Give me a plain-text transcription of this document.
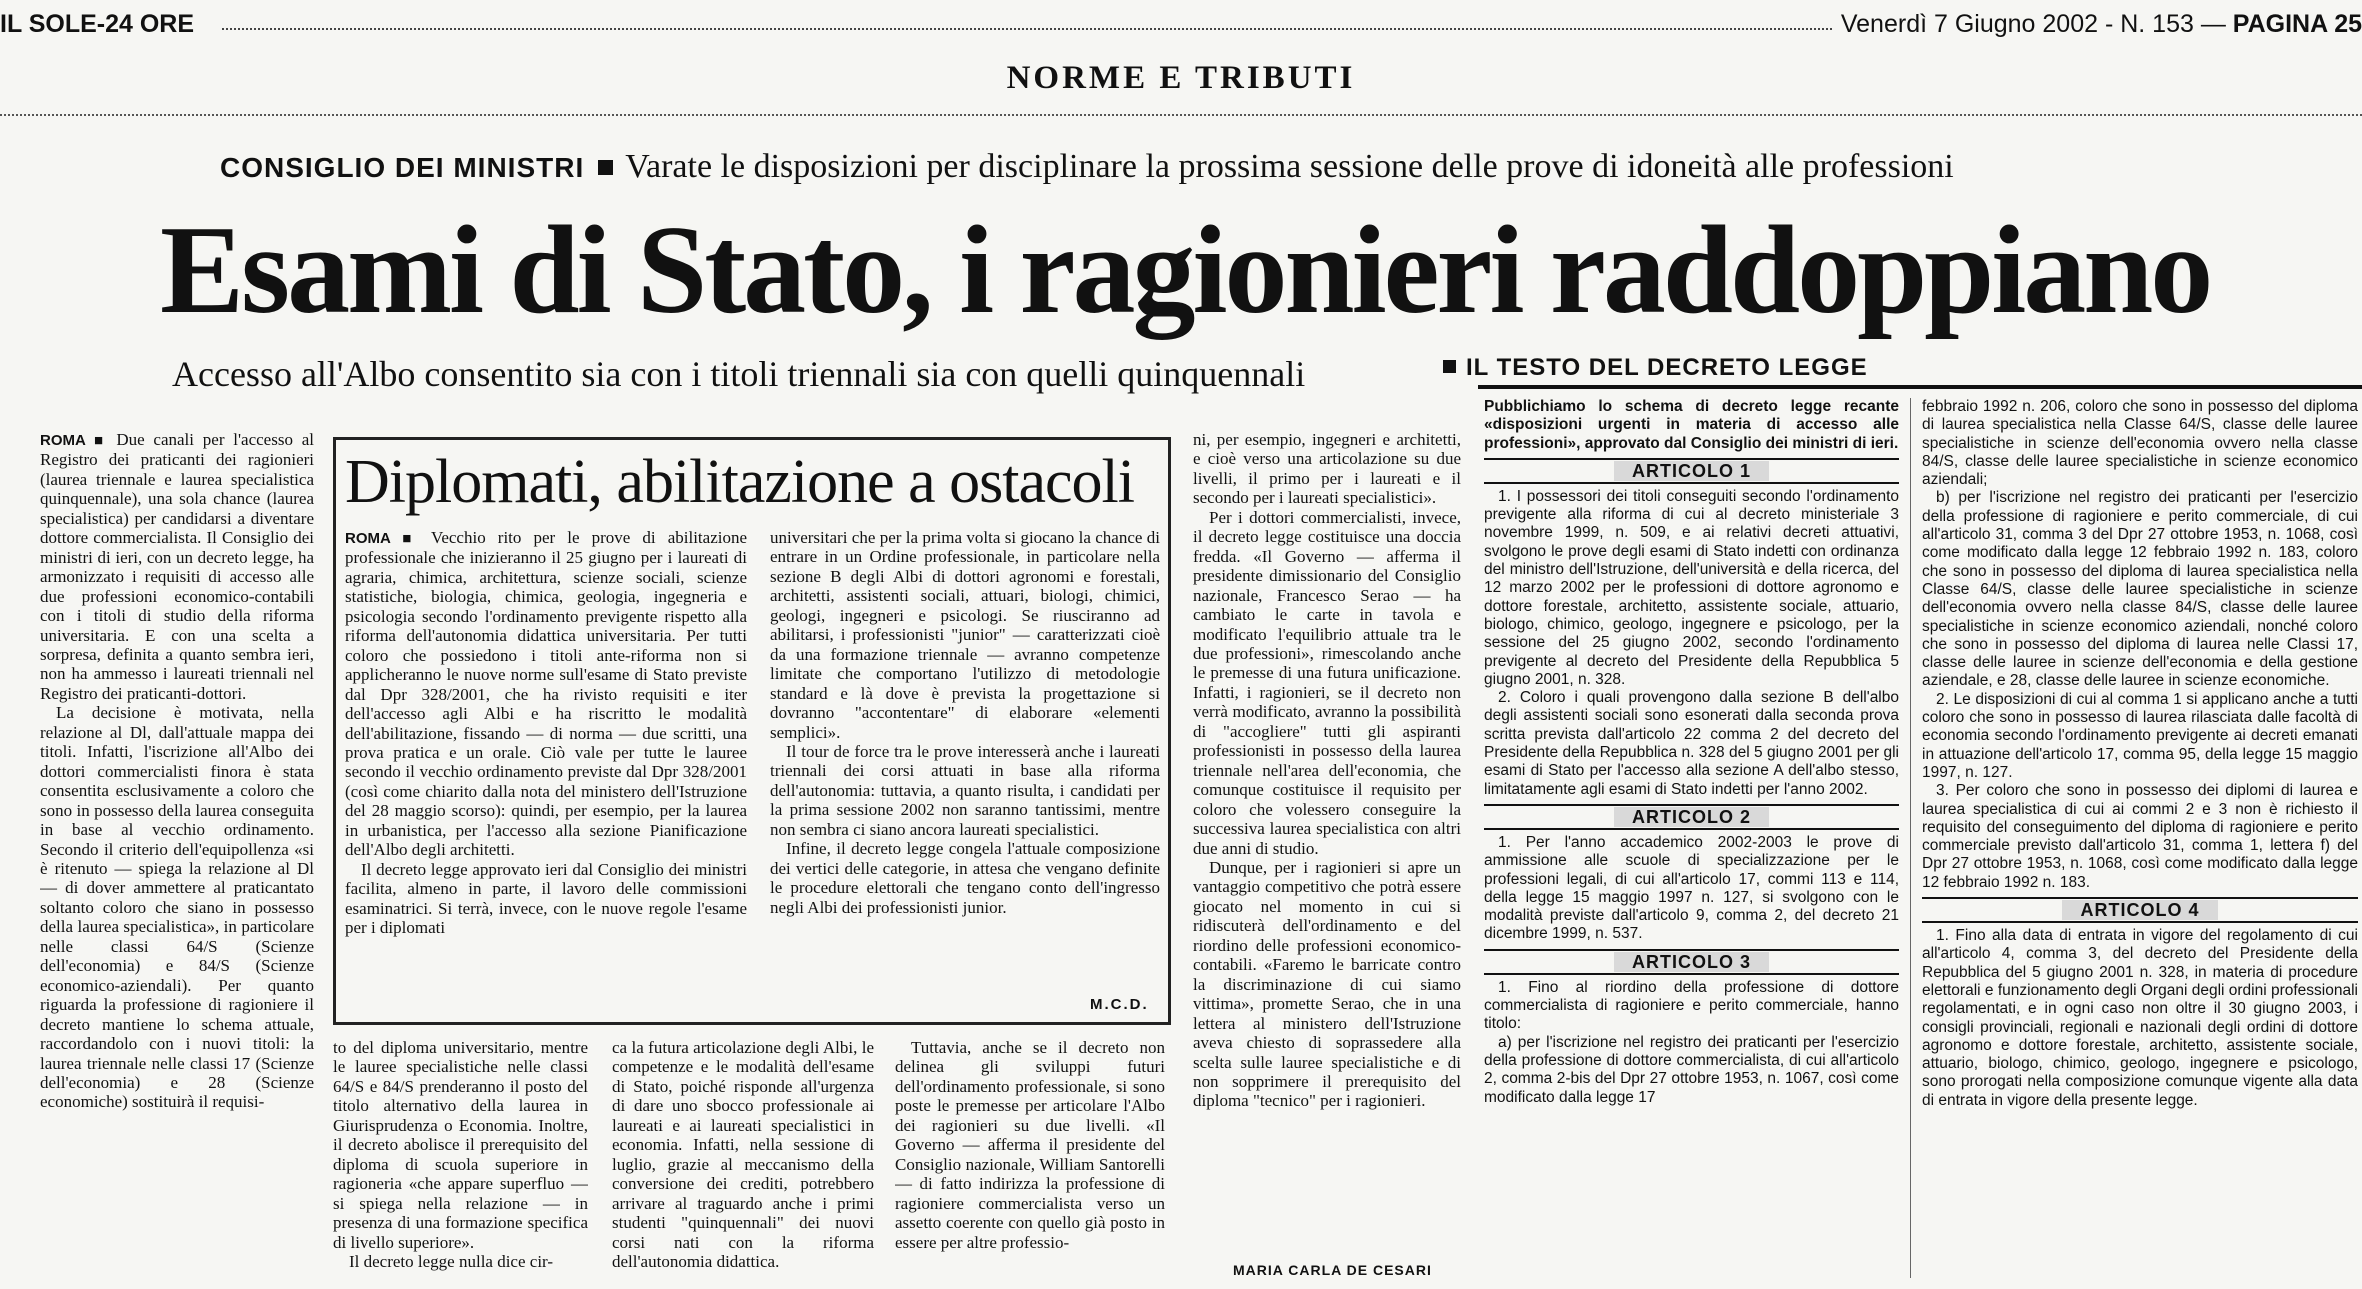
IL SOLE-24 ORE	Venerdì 7 Giugno 2002 - N. 153 — PAGINA 25
NORME E TRIBUTI
CONSIGLIO DEI MINISTRI Varate le disposizioni per disciplinare la prossima sessione delle prove di idoneità alle professioni
Esami di Stato, i ragionieri raddoppiano
Accesso all'Albo consentito sia con i titoli triennali sia con quelli quinquennali

ROMA ■ Due canali per l'accesso al Registro dei praticanti dei ragionieri (laurea triennale e laurea specialistica quinquennale), una sola chance (laurea specialistica) per candidarsi a diventare dottore commercialista. Il Consiglio dei ministri di ieri, con un decreto legge, ha armonizzato i requisiti di accesso alle due professioni economico-contabili con i titoli di studio della riforma universitaria. E con una scelta a sorpresa, definita a quanto sembra ieri, non ha ammesso i laureati triennali nel Registro dei praticanti-dottori.

La decisione è motivata, nella relazione al Dl, dall'attuale mappa dei titoli. Infatti, l'iscrizione all'Albo dei dottori commercialisti finora è stata consentita esclusivamente a coloro che sono in possesso della laurea conseguita in base al vecchio ordinamento. Secondo il criterio dell'equipollenza «si è ritenuto — spiega la relazione al Dl — di dover ammettere al praticantato soltanto coloro che siano in possesso della laurea specialistica», in particolare nelle classi 64/S (Scienze dell'economia) e 84/S (Scienze economico-aziendali). Per quanto riguarda la professione di ragioniere il decreto mantiene lo schema attuale, raccordandolo con i nuovi titoli: la laurea triennale nelle classi 17 (Scienze dell'economia) e 28 (Scienze economiche) sostituirà il requisi-

Diplomati, abilitazione a ostacoli

ROMA ■ Vecchio rito per le prove di abilitazione professionale che inizieranno il 25 giugno per i laureati di agraria, chimica, architettura, scienze sociali, scienze statistiche, biologia, chimica, geologia, ingegneria e psicologia secondo l'ordinamento previgente rispetto alla riforma dell'autonomia didattica universitaria. Per tutti coloro che possiedono i titoli ante-riforma non si applicheranno le nuove norme sull'esame di Stato previste dal Dpr 328/2001, che ha rivisto requisiti e iter dell'accesso agli Albi e ha riscritto le modalità dell'abilitazione, fissando — di norma — due scritti, una prova pratica e un orale. Ciò vale per tutte le lauree secondo il vecchio ordinamento previste dal Dpr 328/2001 (così come chiarito dalla nota del ministero dell'Istruzione del 28 maggio scorso): quindi, per esempio, per la laurea in urbanistica, per l'accesso alla sezione Pianificazione dell'Albo degli architetti.

Il decreto legge approvato ieri dal Consiglio dei ministri facilita, almeno in parte, il lavoro delle commissioni esaminatrici. Si terrà, invece, con le nuove regole l'esame per i diplomati

universitari che per la prima volta si giocano la chance di entrare in un Ordine professionale, in particolare nella sezione B degli Albi di dottori agronomi e forestali, architetti, assistenti sociali, attuari, biologi, chimici, geologi, ingegneri e psicologi. Se riusciranno ad abilitarsi, i professionisti "junior" — caratterizzati cioè da una formazione triennale — avranno competenze limitate che comportano l'utilizzo di metodologie standard e là dove è prevista la progettazione si dovranno "accontentare" di elaborare «elementi semplici».

Il tour de force tra le prove interesserà anche i laureati triennali dei corsi attuati in base alla riforma dell'autonomia: tuttavia, a quanto risulta, i candidati per la prima sessione 2002 non saranno tantissimi, mentre non sembra ci siano ancora laureati specialistici.

Infine, il decreto legge congela l'attuale composizione dei vertici delle categorie, in attesa che vengano definite le procedure elettorali che tengano conto dell'ingresso negli Albi dei professionisti junior.

M.C.D.

to del diploma universitario, mentre le lauree specialistiche nelle classi 64/S e 84/S prenderanno il posto del titolo alternativo della laurea in Giurisprudenza o Economia. Inoltre, il decreto abolisce il prerequisito del diploma di scuola superiore in ragioneria «che appare superfluo — si spiega nella relazione — in presenza di una formazione specifica di livello superiore».

Il decreto legge nulla dice cir-

ca la futura articolazione degli Albi, le competenze e le modalità dell'esame di Stato, poiché risponde all'urgenza di dare uno sbocco professionale ai laureati e ai laureati specialistici in economia. Infatti, nella sessione di luglio, grazie al meccanismo della conversione dei crediti, potrebbero arrivare al traguardo anche i primi studenti "quinquennali" dei nuovi corsi nati con la riforma dell'autonomia didattica.

Tuttavia, anche se il decreto non delinea gli sviluppi futuri dell'ordinamento professionale, si sono poste le premesse per articolare l'Albo dei ragionieri su due livelli. «Il Governo — afferma il presidente del Consiglio nazionale, William Santorelli — di fatto indirizza la professione di ragioniere commercialista verso un assetto coerente con quello già posto in essere per altre professio-

ni, per esempio, ingegneri e architetti, e cioè verso una articolazione su due livelli, il primo per i laureati e il secondo per i laureati specialistici».

Per i dottori commercialisti, invece, il decreto legge costituisce una doccia fredda. «Il Governo — afferma il presidente dimissionario del Consiglio nazionale, Francesco Serao — ha cambiato le carte in tavola e modificato l'equilibrio attuale tra le due professioni», rimescolando anche le premesse di una futura unificazione. Infatti, i ragionieri, se il decreto non verrà modificato, avranno la possibilità di "accogliere" tutti gli aspiranti professionisti in possesso della laurea triennale nell'area dell'economia, che comunque costituisce il requisito per coloro che volessero conseguire la successiva laurea specialistica con altri due anni di studio.

Dunque, per i ragionieri si apre un vantaggio competitivo che potrà essere giocato nel momento in cui si ridiscuterà dell'ordinamento e del riordino delle professioni economico-contabili. «Faremo le barricate contro la discriminazione di cui siamo vittima», promette Serao, che in una lettera al ministero dell'Istruzione aveva chiesto di soprassedere alla scelta sulle lauree specialistiche e di non sopprimere il prerequisito del diploma "tecnico" per i ragionieri.

MARIA CARLA DE CESARI
IL TESTO DEL DECRETO LEGGE

Pubblichiamo lo schema di decreto legge recante «disposizioni urgenti in materia di accesso alle professioni», approvato dal Consiglio dei ministri di ieri.

ARTICOLO 1

1. I possessori dei titoli conseguiti secondo l'ordinamento previgente alla riforma di cui al decreto ministeriale 3 novembre 1999, n. 509, e ai relativi decreti attuativi, svolgono le prove degli esami di Stato indetti con ordinanza del ministro dell'Istruzione, dell'università e della ricerca, del 12 marzo 2002 per le professioni di dottore agronomo e dottore forestale, architetto, assistente sociale, attuario, biologo, chimico, geologo, ingegnere e psicologo, per la sessione del 25 giugno 2002, secondo l'ordinamento previgente al decreto del Presidente della Repubblica 5 giugno 2001, n. 328.

2. Coloro i quali provengono dalla sezione B dell'albo degli assistenti sociali sono esonerati dalla seconda prova scritta prevista dall'articolo 22 comma 2 del decreto del Presidente della Repubblica n. 328 del 5 giugno 2001 per gli esami di Stato per l'accesso alla sezione A dell'albo stesso, limitatamente agli esami di Stato indetti per l'anno 2002.

ARTICOLO 2

1. Per l'anno accademico 2002-2003 le prove di ammissione alle scuole di specializzazione per le professioni legali, di cui all'articolo 17, commi 113 e 114, della legge 15 maggio 1997 n. 127, si svolgono con le modalità previste dall'articolo 9, comma 2, del decreto 21 dicembre 1999, n. 537.

ARTICOLO 3

1. Fino al riordino della professione di dottore commercialista di ragioniere e perito commerciale, hanno titolo:

a) per l'iscrizione nel registro dei praticanti per l'esercizio della professione di dottore commercialista, di cui all'articolo 2, comma 2-bis del Dpr 27 ottobre 1953, n. 1067, così come modificato dalla legge 17

febbraio 1992 n. 206, coloro che sono in possesso del diploma di laurea specialistica nella Classe 64/S, classe delle lauree specialistiche in scienze dell'economia ovvero nella classe 84/S, classe delle lauree specialistiche in scienze economico aziendali;

b) per l'iscrizione nel registro dei praticanti per l'esercizio della professione di ragioniere e perito commerciale, di cui all'articolo 31, comma 3 del Dpr 27 ottobre 1953, n. 1068, così come modificato dalla legge 12 febbraio 1992 n. 183, coloro che sono in possesso del diploma di laurea specialistica nella Classe 64/S, classe delle lauree specialistiche in scienze dell'economia ovvero nella classe 84/S, classe delle lauree specialistiche in scienze economico aziendali, nonché coloro che sono in possesso del diploma di laurea nelle Classi 17, classe delle lauree in scienze dell'economia e della gestione aziendale, e 28, classe delle lauree in scienze economiche.

2. Le disposizioni di cui al comma 1 si applicano anche a tutti coloro che sono in possesso di laurea rilasciata dalle facoltà di economia secondo l'ordinamento previgente ai decreti emanati in attuazione dell'articolo 17, comma 95, della legge 15 maggio 1997, n. 127.

3. Per coloro che sono in possesso dei diplomi di laurea e laurea specialistica di cui ai commi 2 e 3 non è richiesto il requisito del conseguimento del diploma di ragioniere e perito commerciale previsto dall'articolo 31, comma 1, lettera f) del Dpr 27 ottobre 1953, n. 1068, così come modificato dalla legge 12 febbraio 1992 n. 183.

ARTICOLO 4

1. Fino alla data di entrata in vigore del regolamento di cui all'articolo 4, comma 3, del decreto del Presidente della Repubblica del 5 giugno 2001 n. 328, in materia di procedure elettorali e funzionamento degli Organi degli ordini professionali regolamentati, e in ogni caso non oltre il 30 giugno 2003, i consigli provinciali, regionali e nazionali degli ordini di dottore agronomo e dottore forestale, architetto, assistente sociale, attuario, biologo, chimico, geologo, ingegnere e psicologo, sono prorogati nella composizione comunque vigente alla data di entrata in vigore della presente legge.
